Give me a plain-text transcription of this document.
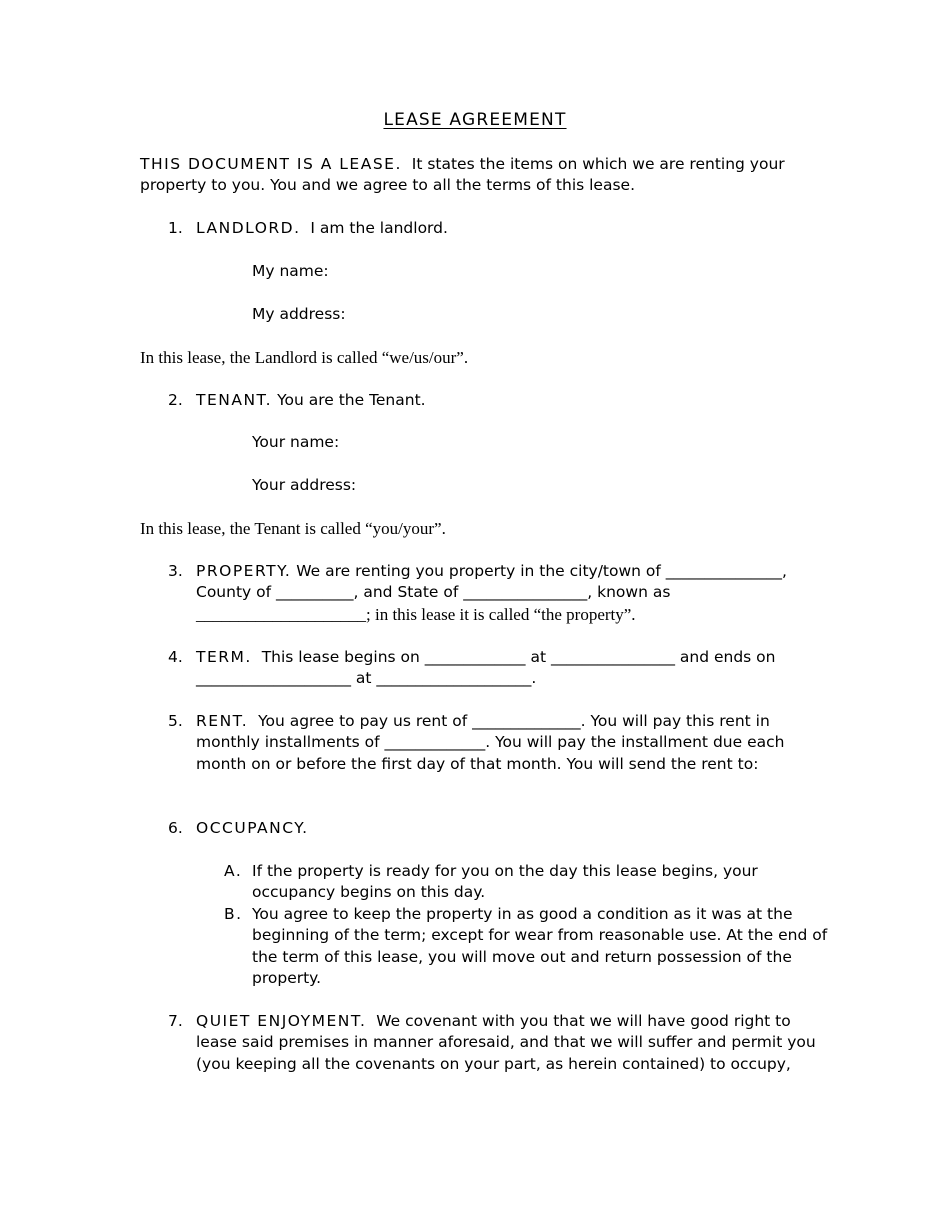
LEASE AGREEMENT
THIS DOCUMENT IS A LEASE. It states the items on which we are renting your
property to you. You and we agree to all the terms of this lease.
1. LANDLORD. I am the landlord.
My name:
My address:
In this lease, the Landlord is called “we/us/our”.
2. TENANT. You are the Tenant.
Your name:
Your address:
In this lease, the Tenant is called “you/your”.
3. PROPERTY. We are renting you property in the city/town of _______________,
County of __________, and State of ________________, known as
____________________; in this lease it is called “the property”.
4. TERM. This lease begins on _____________ at ________________ and ends on
____________________ at ____________________.
5. RENT. You agree to pay us rent of ______________. You will pay this rent in
monthly installments of _____________. You will pay the installment due each
month on or before the first day of that month. You will send the rent to:
6. OCCUPANCY.
A. If the property is ready for you on the day this lease begins, your
occupancy begins on this day.
B. You agree to keep the property in as good a condition as it was at the
beginning of the term; except for wear from reasonable use. At the end of
the term of this lease, you will move out and return possession of the
property.
7. QUIET ENJOYMENT. We covenant with you that we will have good right to
lease said premises in manner aforesaid, and that we will suffer and permit you
(you keeping all the covenants on your part, as herein contained) to occupy,
